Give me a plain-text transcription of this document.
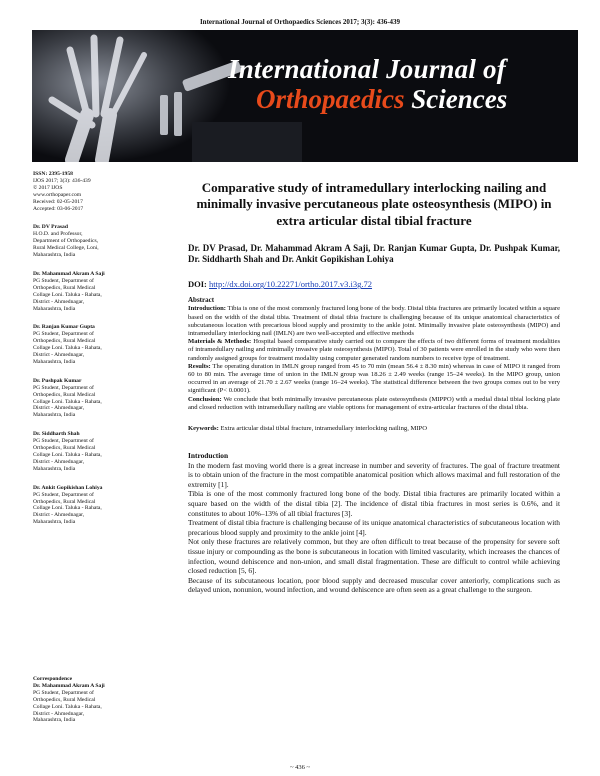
International Journal of Orthopaedics Sciences 2017; 3(3): 436-439
International Journal of
Orthopaedics Sciences
ISSN: 2395-1958
IJOS 2017; 3(3): 436-439
© 2017 IJOS
www.orthopaper.com
Received: 02-05-2017
Accepted: 03-06-2017
Dr. DV Prasad
H.O.D. and Professor,
Department of Orthopaedics,
Rural Medical College, Loni,
Maharashtra, India
Dr. Mahammad Akram A Saji
PG Student, Department of
Orthopedics, Rural Medical
Collage Loni. Taluka - Rahata,
District - Ahmednagar,
Maharashtra, India
Dr. Ranjan Kumar Gupta
PG Student, Department of
Orthopedics, Rural Medical
Collage Loni. Taluka - Rahata,
District - Ahmednagar,
Maharashtra, India
Dr. Pushpak Kumar
PG Student, Department of
Orthopedics, Rural Medical
Collage Loni. Taluka - Rahata,
District - Ahmednagar,
Maharashtra, India
Dr. Siddharth Shah
PG Student, Department of
Orthopedics, Rural Medical
Collage Loni. Taluka - Rahata,
District - Ahmednagar,
Maharashtra, India
Dr. Ankit Gopikishan Lohiya
PG Student, Department of
Orthopedics, Rural Medical
Collage Loni. Taluka - Rahata,
District - Ahmednagar,
Maharashtra, India
Correspondence
Dr. Mahammad Akram A Saji
PG Student, Department of
Orthopedics, Rural Medical
Collage Loni. Taluka - Rahata,
District - Ahmednagar,
Maharashtra, India
Comparative study of intramedullary interlocking nailing and minimally invasive percutaneous plate osteosynthesis (MIPO) in extra articular distal tibial fracture
Dr. DV Prasad, Dr. Mahammad Akram A Saji, Dr. Ranjan Kumar Gupta, Dr. Pushpak Kumar, Dr. Siddharth Shah and Dr. Ankit Gopikishan Lohiya
DOI: http://dx.doi.org/10.22271/ortho.2017.v3.i3g.72
Abstract
Introduction: Tibia is one of the most commonly fractured long bone of the body. Distal tibia fractures are primarily located within a square based on the width of the distal tibia. Treatment of distal tibia fracture is challenging because of its unique anatomical characteristics of subcutaneous location with precarious blood supply and proximity to the ankle joint. Minimally invasive plate osteosynthesis (MIPO) and intramedullary interlocking nail (IMLN) are two well-accepted and effective methods
Materials & Methods: Hospital based comparative study carried out to compare the effects of two different forms of treatment modalities of intramedullary nailing and minimally invasive plate osteosynthesis (MIPO). Total of 30 patients were enrolled in the study who were then randomly assigned groups for treatment modality using computer generated random numbers to receive type of treatment.
Results: The operating duration in IMLN group ranged from 45 to 70 min (mean 56.4 ± 8.30 min) whereas in case of MIPO it ranged from 60 to 80 min. The average time of union in the IMLN group was 18.26 ± 2.49 weeks (range 15–24 weeks). In the MIPO group, union occurred in an average of 21.70 ± 2.67 weeks (range 16–24 weeks). The statistical difference between the two groups comes out to be very significant (P< 0.0001).
Conclusion: We conclude that both minimally invasive percutaneous plate osteosynthesis (MIPPO) with a medial distal tibial locking plate and closed reduction with intramedullary nailing are viable options for management of extra-articular fractures of the distal tibia.
Keywords: Extra articular distal tibial fracture, intramedullary interlocking nailing, MIPO
Introduction

In the modern fast moving world there is a great increase in number and severity of fractures. The goal of fracture treatment is to obtain union of the fracture in the most compatible anatomical position which allows maximal and full restoration of the extremity [1].

Tibia is one of the most commonly fractured long bone of the body. Distal tibia fractures are primarily located within a square based on the width of the distal tibia [2]. The incidence of distal tibia fractures in most series is 0.6%, and it constitutes to about 10%–13% of all tibial fractures [3].

Treatment of distal tibia fracture is challenging because of its unique anatomical characteristics of subcutaneous location with precarious blood supply and proximity to the ankle joint [4].

Not only these fractures are relatively common, but they are often difficult to treat because of the propensity for severe soft tissue injury or compounding as the bone is subcutaneous in location with limited vascularity, which increases the chances of infection, wound dehiscence and non-union, and small distal fragmentation. These are difficult to control while achieving closed reduction [5, 6].

Because of its subcutaneous location, poor blood supply and decreased muscular cover anteriorly, complications such as delayed union, nonunion, wound infection, and wound dehiscence are often seen as a great challenge to the surgeon.

~ 436 ~
